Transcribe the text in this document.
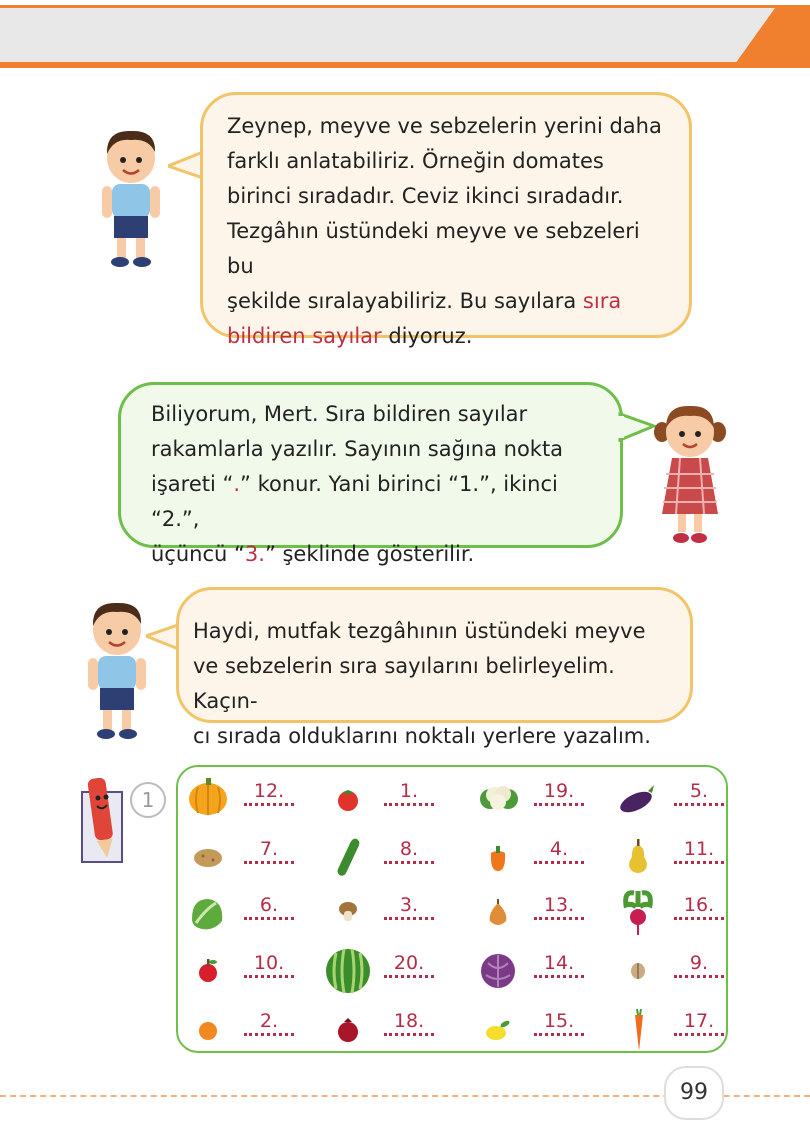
Zeynep, meyve ve sebzelerin yerini daha

farklı anlatabiliriz. Örneğin domates

birinci sıradadır. Ceviz ikinci sıradadır.

Tezgâhın üstündeki meyve ve sebzeleri bu

şekilde sıralayabiliriz. Bu sayılara sıra

bildiren sayılar diyoruz.

Biliyorum, Mert. Sıra bildiren sayılar

rakamlarla yazılır. Sayının sağına nokta

işareti “.” konur. Yani birinci “1.”, ikinci “2.”,

üçüncü “3.” şeklinde gösterilir.

Haydi, mutfak tezgâhının üstündeki meyve

ve sebzelerin sıra sayılarını belirleyelim. Kaçın-

cı sırada olduklarını noktalı yerlere yazalım.

1	12.	1.	19.	5.
7.	8.	4.	11.
6.	3.	13.	16.
10.	20.	14.	9.
2.	18.	15.	17.
99
